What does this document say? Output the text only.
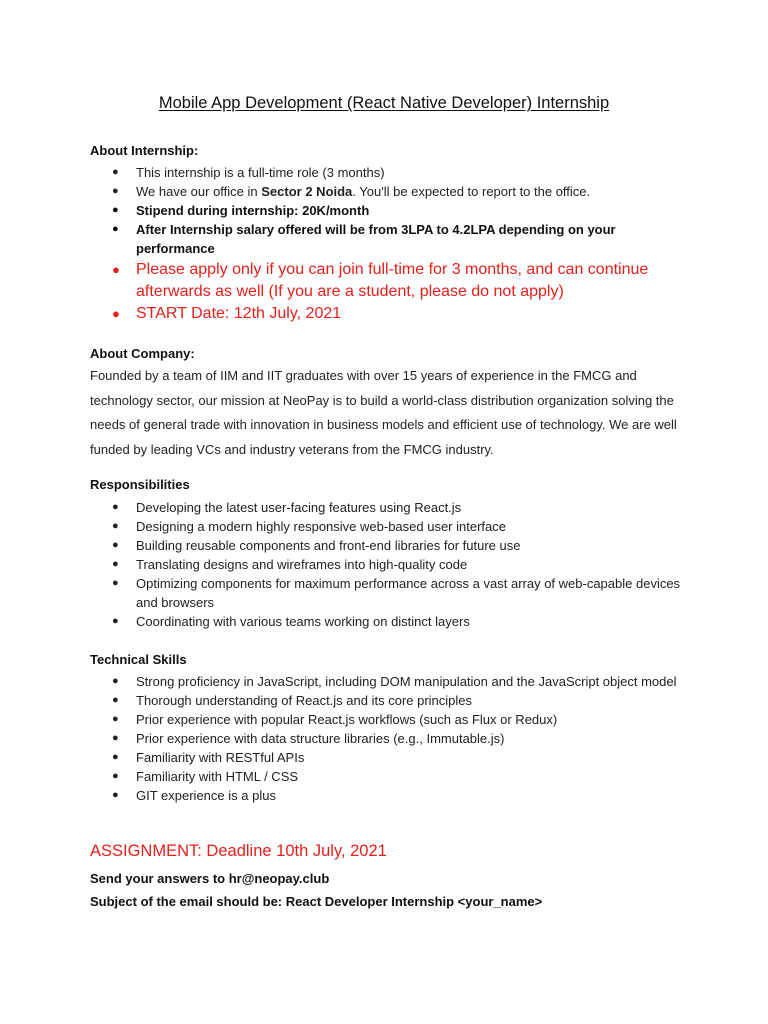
Mobile App Development (React Native Developer) Internship
About Internship:
● This internship is a full-time role (3 months)
● We have our office in Sector 2 Noida. You'll be expected to report to the office.
● Stipend during internship: 20K/month
● After Internship salary offered will be from 3LPA to 4.2LPA depending on your performance
● Please apply only if you can join full-time for 3 months, and can continue afterwards as well (If you are a student, please do not apply)
● START Date: 12th July, 2021
About Company:
Founded by a team of IIM and IIT graduates with over 15 years of experience in the FMCG and technology sector, our mission at NeoPay is to build a world-class distribution organization solving the needs of general trade with innovation in business models and efficient use of technology. We are well funded by leading VCs and industry veterans from the FMCG industry.
Responsibilities
● Developing the latest user-facing features using React.js
● Designing a modern highly responsive web-based user interface
● Building reusable components and front-end libraries for future use
● Translating designs and wireframes into high-quality code
● Optimizing components for maximum performance across a vast array of web-capable devices and browsers
● Coordinating with various teams working on distinct layers
Technical Skills
● Strong proficiency in JavaScript, including DOM manipulation and the JavaScript object model
● Thorough understanding of React.js and its core principles
● Prior experience with popular React.js workflows (such as Flux or Redux)
● Prior experience with data structure libraries (e.g., Immutable.js)
● Familiarity with RESTful APIs
● Familiarity with HTML / CSS
● GIT experience is a plus
ASSIGNMENT: Deadline 10th July, 2021
Send your answers to hr@neopay.club
Subject of the email should be: React Developer Internship <your_name>
